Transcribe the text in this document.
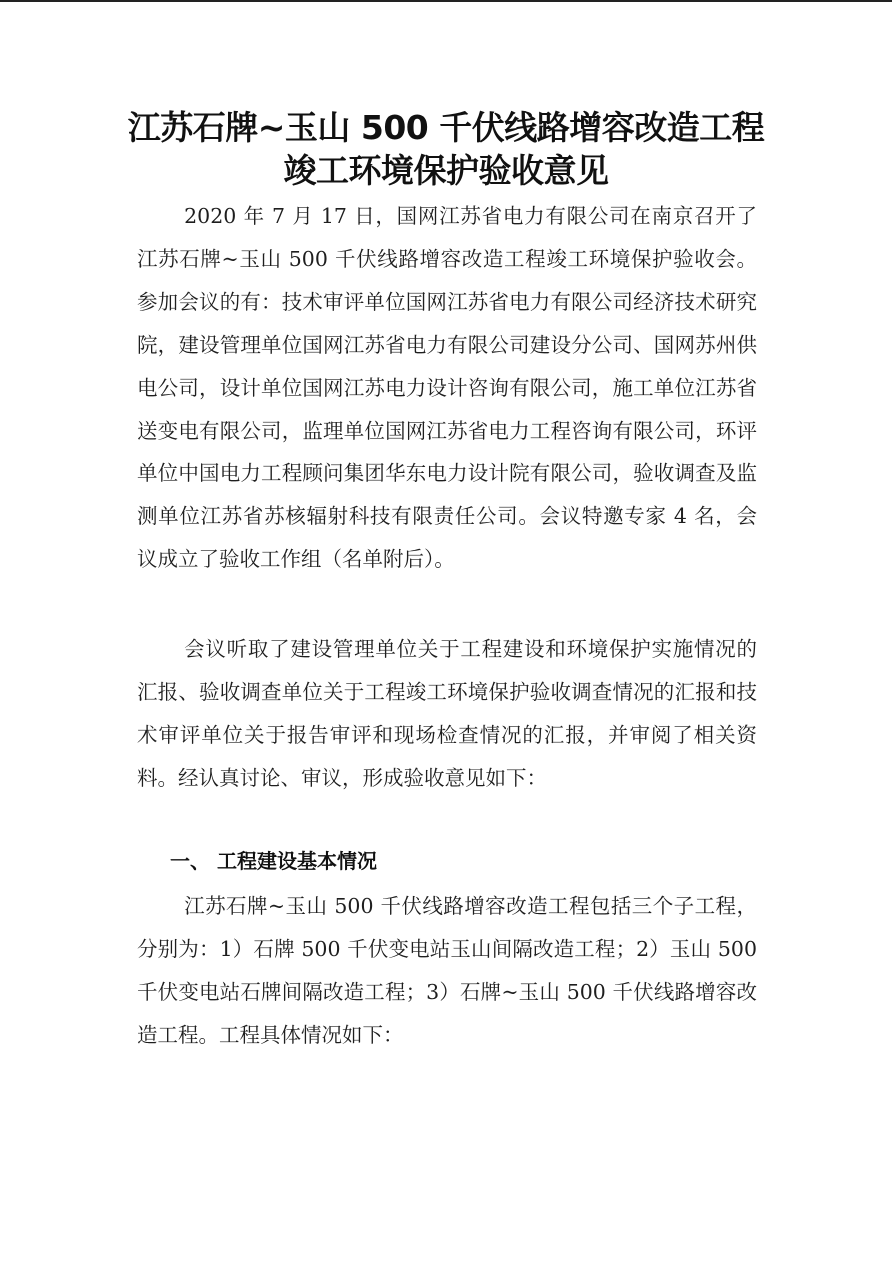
江苏石牌~玉山 500 千伏线路增容改造工程
竣工环境保护验收意见

2020 年 7 月 17 日，国网江苏省电力有限公司在南京召开了江苏石牌~玉山 500 千伏线路增容改造工程竣工环境保护验收会。参加会议的有：技术审评单位国网江苏省电力有限公司经济技术研究院，建设管理单位国网江苏省电力有限公司建设分公司、国网苏州供电公司，设计单位国网江苏电力设计咨询有限公司，施工单位江苏省送变电有限公司，监理单位国网江苏省电力工程咨询有限公司，环评单位中国电力工程顾问集团华东电力设计院有限公司，验收调查及监测单位江苏省苏核辐射科技有限责任公司。会议特邀专家 4 名，会议成立了验收工作组（名单附后）。

会议听取了建设管理单位关于工程建设和环境保护实施情况的汇报、验收调查单位关于工程竣工环境保护验收调查情况的汇报和技术审评单位关于报告审评和现场检查情况的汇报，并审阅了相关资料。经认真讨论、审议，形成验收意见如下：

一、 工程建设基本情况

江苏石牌~玉山 500 千伏线路增容改造工程包括三个子工程，分别为：1）石牌 500 千伏变电站玉山间隔改造工程；2）玉山 500 千伏变电站石牌间隔改造工程；3）石牌~玉山 500 千伏线路增容改造工程。工程具体情况如下：
